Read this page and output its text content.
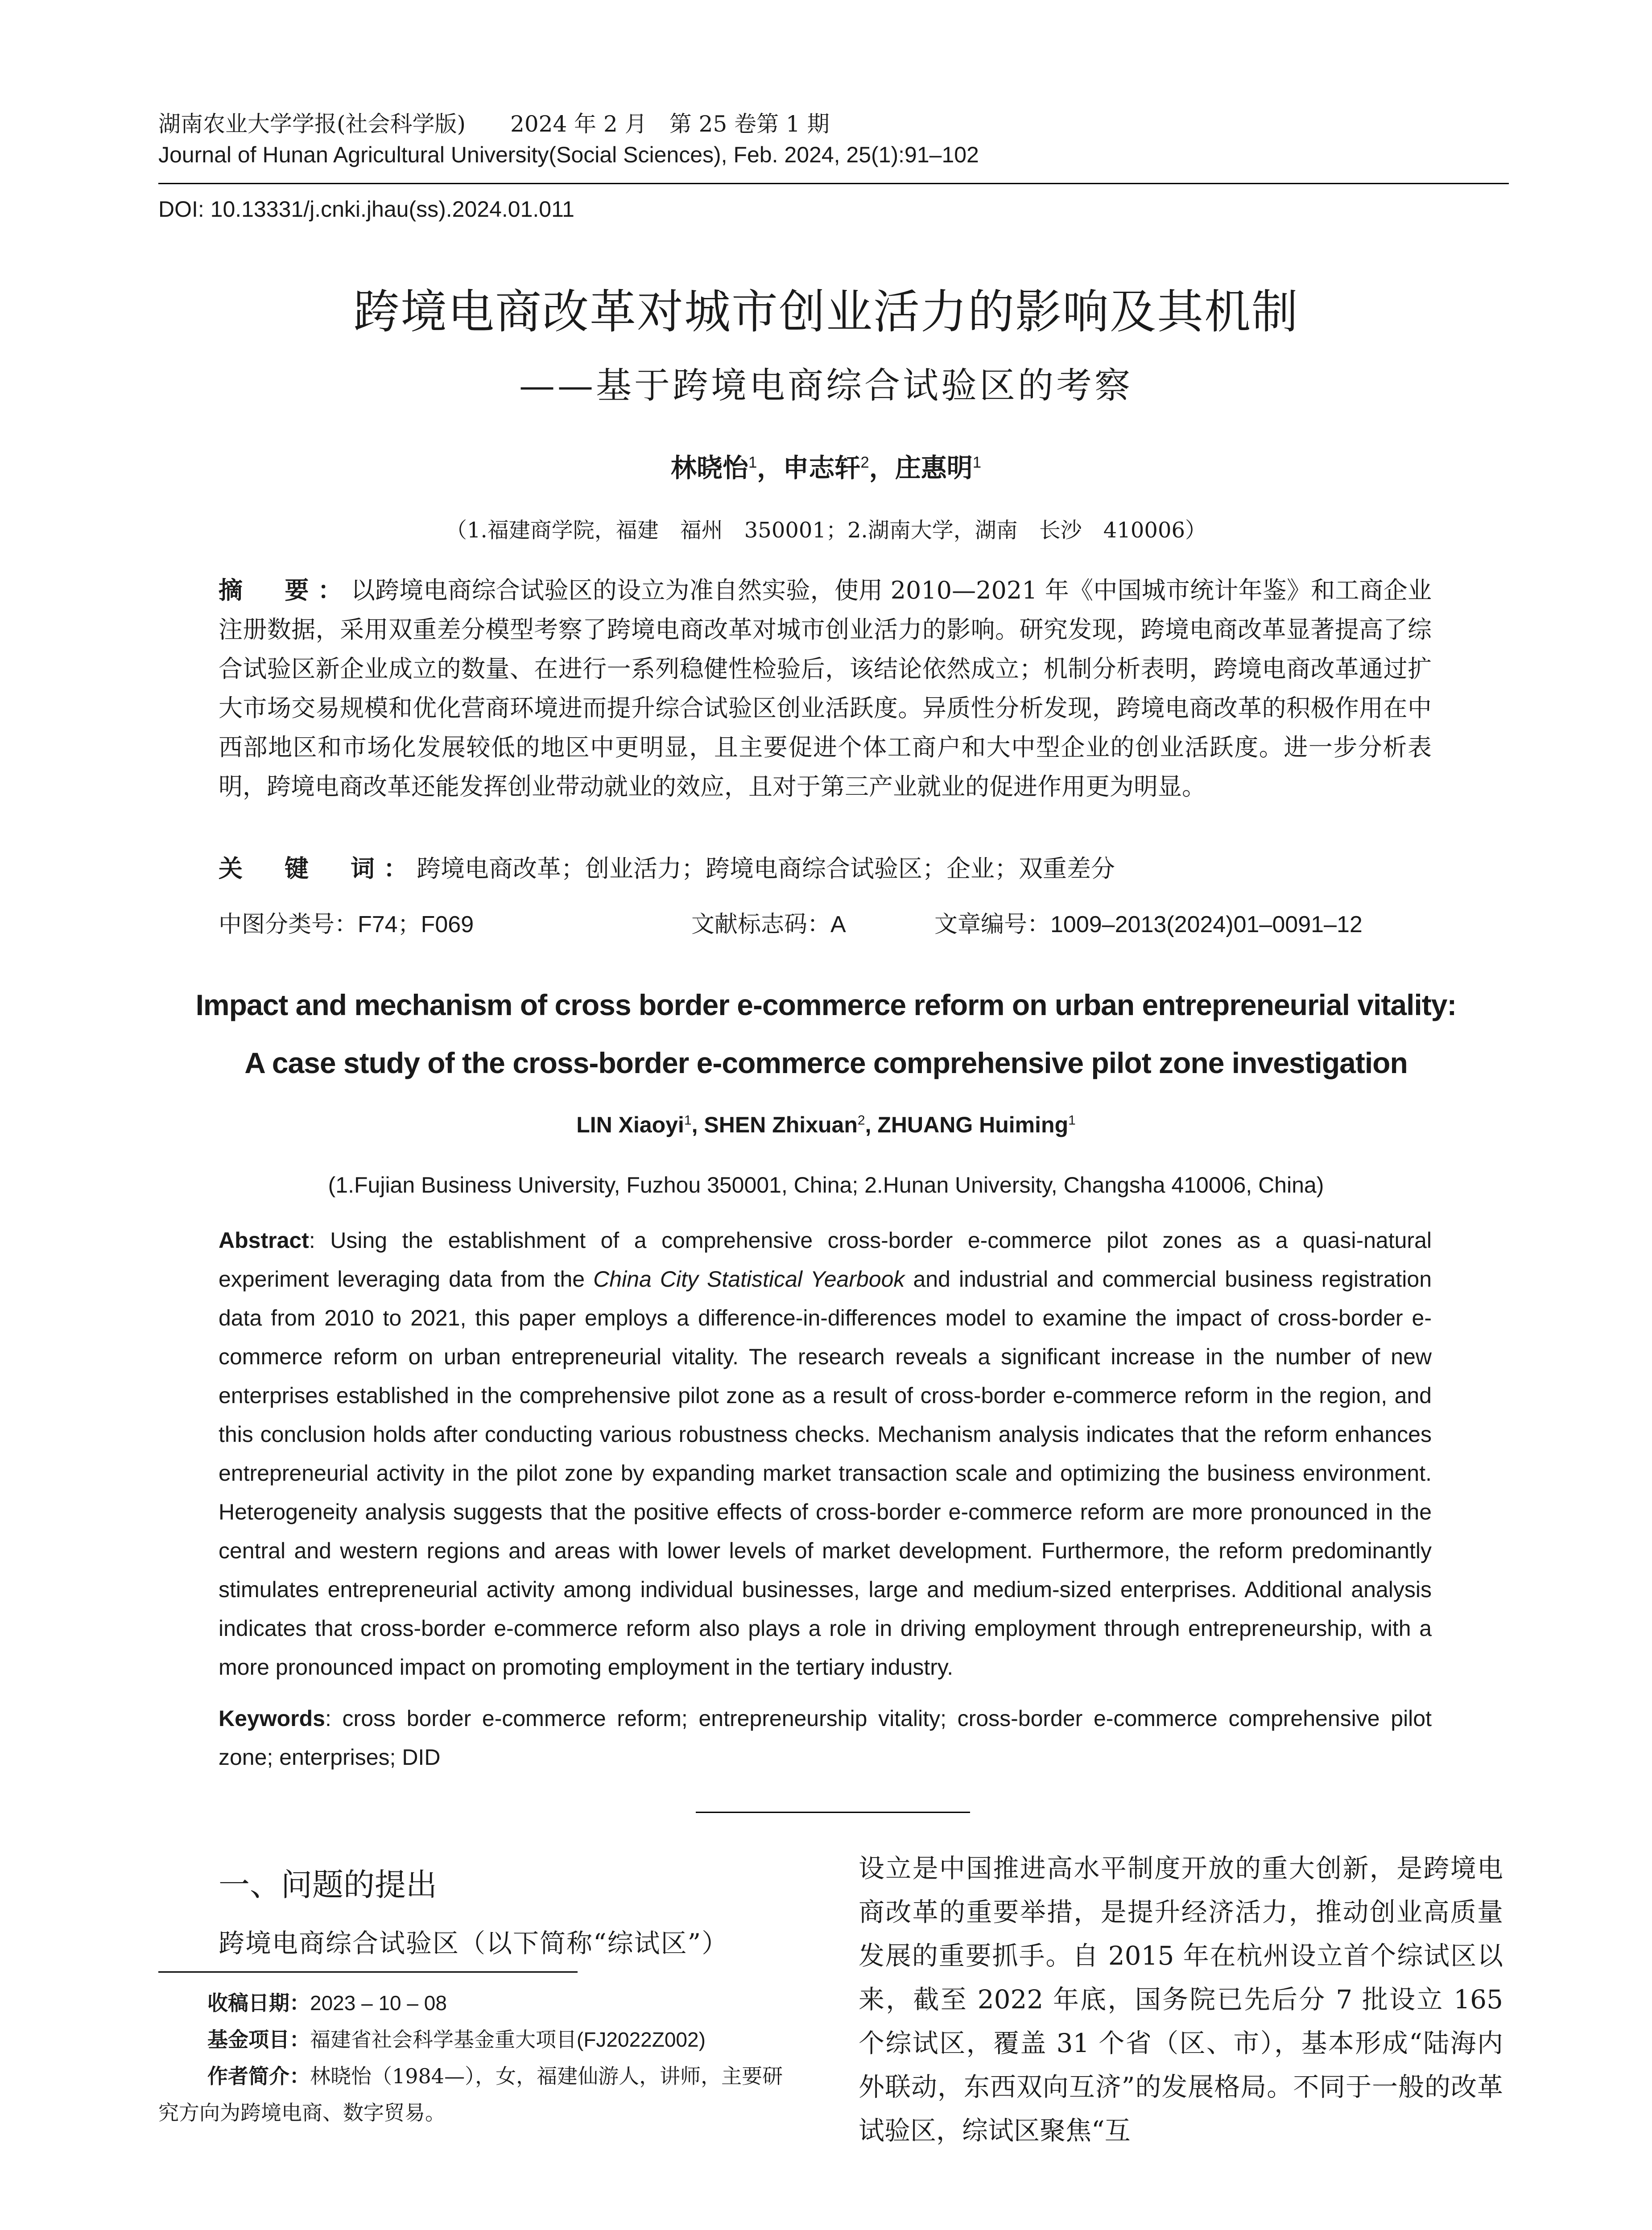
湖南农业大学学报(社会科学版)　　2024 年 2 月　第 25 卷第 1 期
Journal of Hunan Agricultural University(Social Sciences), Feb. 2024, 25(1):91–102
DOI: 10.13331/j.cnki.jhau(ss).2024.01.011
跨境电商改革对城市创业活力的影响及其机制
——基于跨境电商综合试验区的考察
林晓怡$^1$，申志轩$^2$，庄惠明$^1$
（1.福建商学院，福建　福州　350001；2.湖南大学，湖南　长沙　410006）
摘　要：以跨境电商综合试验区的设立为准自然实验，使用 2010—2021 年《中国城市统计年鉴》和工商企业注册数据，采用双重差分模型考察了跨境电商改革对城市创业活力的影响。研究发现，跨境电商改革显著提高了综合试验区新企业成立的数量、在进行一系列稳健性检验后，该结论依然成立；机制分析表明，跨境电商改革通过扩大市场交易规模和优化营商环境进而提升综合试验区创业活跃度。异质性分析发现，跨境电商改革的积极作用在中西部地区和市场化发展较低的地区中更明显，且主要促进个体工商户和大中型企业的创业活跃度。进一步分析表明，跨境电商改革还能发挥创业带动就业的效应，且对于第三产业就业的促进作用更为明显。
关　键　词：跨境电商改革；创业活力；跨境电商综合试验区；企业；双重差分
中图分类号：F74；F069	文献标志码：A	文章编号：1009–2013(2024)01–0091–12
Impact and mechanism of cross border e-commerce reform on urban entrepreneurial vitality:
A case study of the cross-border e-commerce comprehensive pilot zone investigation
LIN Xiaoyi$^1$, SHEN Zhixuan$^2$, ZHUANG Huiming$^1$
(1.Fujian Business University, Fuzhou 350001, China; 2.Hunan University, Changsha 410006, China)
Abstract: Using the establishment of a comprehensive cross-border e-commerce pilot zones as a quasi-natural experiment leveraging data from the China City Statistical Yearbook and industrial and commercial business registration data from 2010 to 2021, this paper employs a difference-in-differences model to examine the impact of cross-border e-commerce reform on urban entrepreneurial vitality. The research reveals a significant increase in the number of new enterprises established in the comprehensive pilot zone as a result of cross-border e-commerce reform in the region, and this conclusion holds after conducting various robustness checks. Mechanism analysis indicates that the reform enhances entrepreneurial activity in the pilot zone by expanding market transaction scale and optimizing the business environment. Heterogeneity analysis suggests that the positive effects of cross-border e-commerce reform are more pronounced in the central and western regions and areas with lower levels of market development. Furthermore, the reform predominantly stimulates entrepreneurial activity among individual businesses, large and medium-sized enterprises. Additional analysis indicates that cross-border e-commerce reform also plays a role in driving employment through entrepreneurship, with a more pronounced impact on promoting employment in the tertiary industry.
Keywords: cross border e-commerce reform; entrepreneurship vitality; cross-border e-commerce comprehensive pilot zone; enterprises; DID
一、问题的提出
跨境电商综合试验区（以下简称“综试区”）
收稿日期：2023 – 10 – 08
基金项目：福建省社会科学基金重大项目(FJ2022Z002)
作者简介：林晓怡（1984—），女，福建仙游人，讲师，主要研究方向为跨境电商、数字贸易。
设立是中国推进高水平制度开放的重大创新，是跨境电商改革的重要举措，是提升经济活力，推动创业高质量发展的重要抓手。自 2015 年在杭州设立首个综试区以来，截至 2022 年底，国务院已先后分 7 批设立 165 个综试区，覆盖 31 个省（区、市），基本形成“陆海内外联动，东西双向互济”的发展格局。不同于一般的改革试验区，综试区聚焦“互
